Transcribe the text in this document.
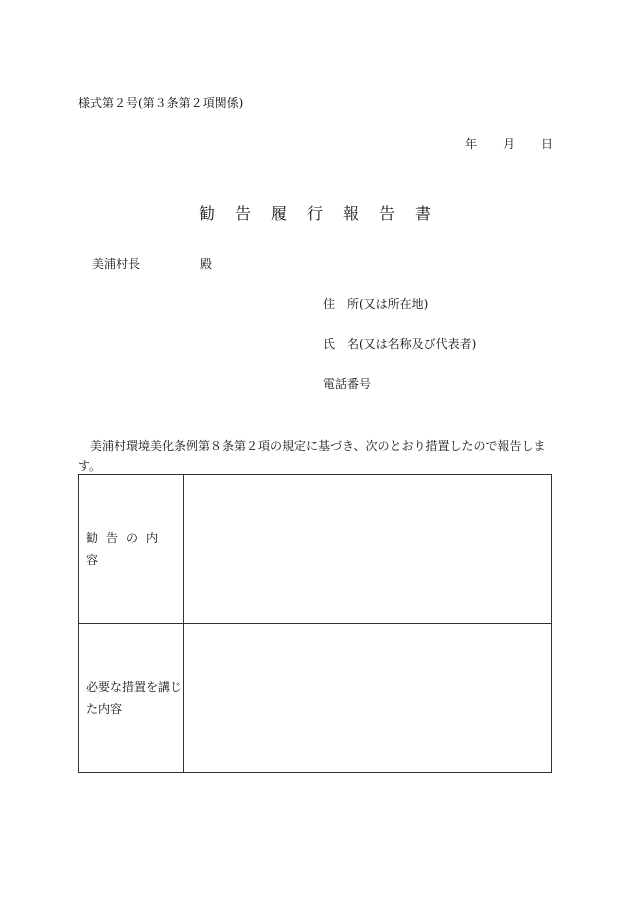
様式第２号(第３条第２項関係)
年 月 日
勧告履行報告書
美浦村長	殿
住　所(又は所在地)
氏　名(又は名称及び代表者)
電話番号
美浦村環境美化条例第８条第２項の規定に基づき、次のとおり措置したので報告します。
勧告の内容	
必要な措置を講じた内容	
